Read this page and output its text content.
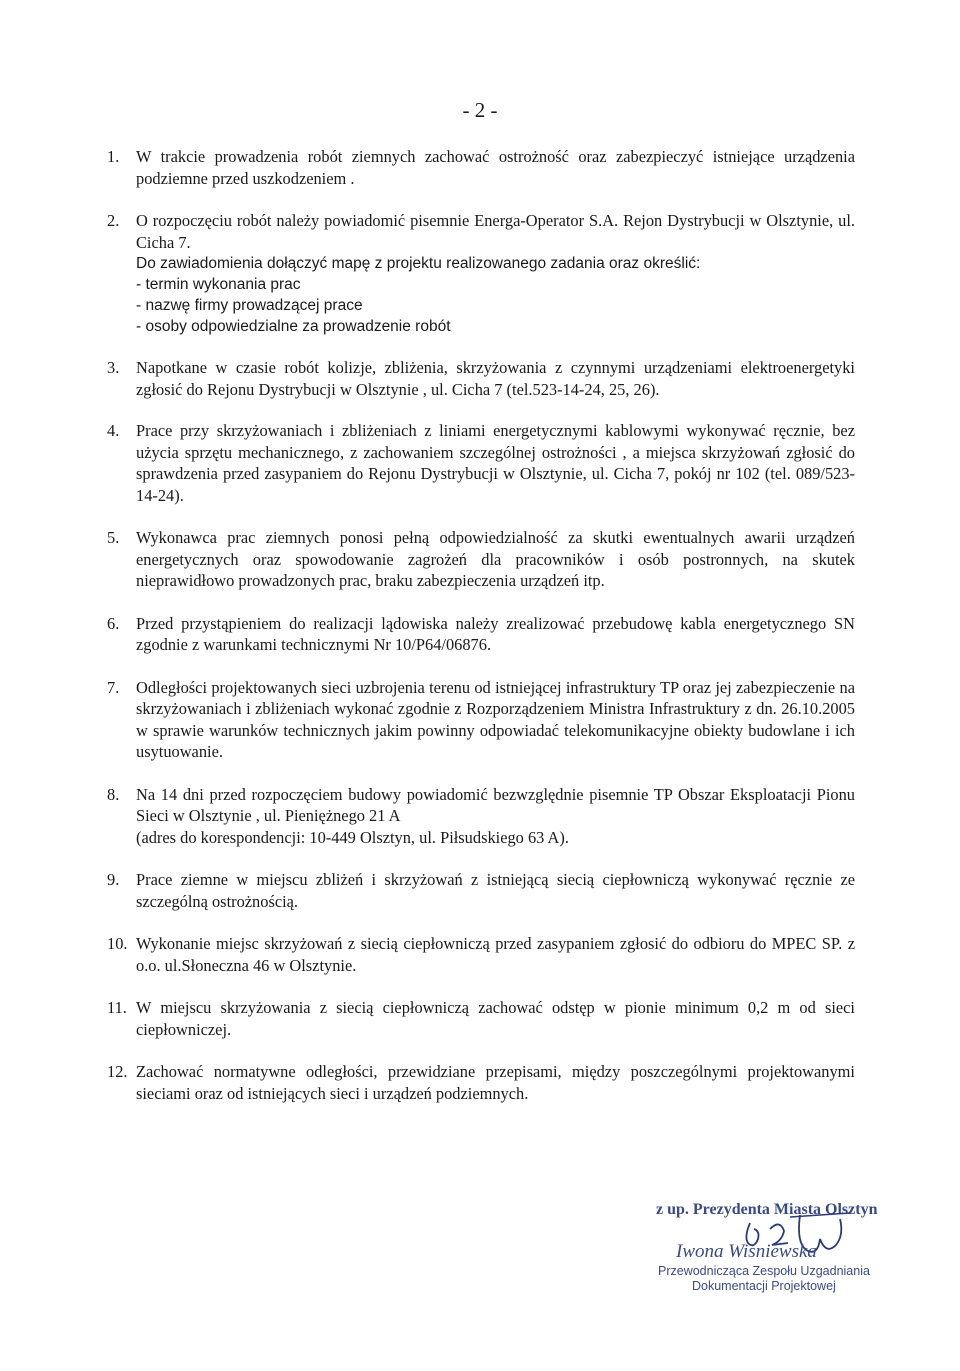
- 2 -
1. W trakcie prowadzenia robót ziemnych zachować ostrożność oraz zabezpieczyć istniejące urządzenia podziemne przed uszkodzeniem .

2. O rozpoczęciu robót należy powiadomić pisemnie Energa-Operator S.A. Rejon Dystrybucji w Olsztynie, ul. Cicha 7.

Do zawiadomienia dołączyć mapę z projektu realizowanego zadania oraz określić:

- termin wykonania prac

- nazwę firmy prowadzącej prace

- osoby odpowiedzialne za prowadzenie robót

3. Napotkane w czasie robót kolizje, zbliżenia, skrzyżowania z czynnymi urządzeniami elektroenergetyki zgłosić do Rejonu Dystrybucji w Olsztynie , ul. Cicha 7 (tel.523-14-24, 25, 26).

4. Prace przy skrzyżowaniach i zbliżeniach z liniami energetycznymi kablowymi wykonywać ręcznie, bez użycia sprzętu mechanicznego, z zachowaniem szczególnej ostrożności , a miejsca skrzyżowań zgłosić do sprawdzenia przed zasypaniem do Rejonu Dystrybucji w Olsztynie, ul. Cicha 7, pokój nr 102 (tel. 089/523-14-24).

5. Wykonawca prac ziemnych ponosi pełną odpowiedzialność za skutki ewentualnych awarii urządzeń energetycznych oraz spowodowanie zagrożeń dla pracowników i osób postronnych, na skutek nieprawidłowo prowadzonych prac, braku zabezpieczenia urządzeń itp.

6. Przed przystąpieniem do realizacji lądowiska należy zrealizować przebudowę kabla energetycznego SN zgodnie z warunkami technicznymi Nr 10/P64/06876.

7. Odległości projektowanych sieci uzbrojenia terenu od istniejącej infrastruktury TP oraz jej zabezpieczenie na skrzyżowaniach i zbliżeniach wykonać zgodnie z Rozporządzeniem Ministra Infrastruktury z dn. 26.10.2005 w sprawie warunków technicznych jakim powinny odpowiadać telekomunikacyjne obiekty budowlane i ich usytuowanie.

8. Na 14 dni przed rozpoczęciem budowy powiadomić bezwzględnie pisemnie TP Obszar Eksploatacji Pionu Sieci w Olsztynie , ul. Pieniężnego 21 A

(adres do korespondencji: 10-449 Olsztyn, ul. Piłsudskiego 63 A).

9. Prace ziemne w miejscu zbliżeń i skrzyżowań z istniejącą siecią ciepłowniczą wykonywać ręcznie ze szczególną ostrożnością.

10. Wykonanie miejsc skrzyżowań z siecią ciepłowniczą przed zasypaniem zgłosić do odbioru do MPEC SP. z o.o. ul.Słoneczna 46 w Olsztynie.

11. W miejscu skrzyżowania z siecią ciepłowniczą zachować odstęp w pionie minimum 0,2 m od sieci ciepłowniczej.

12. Zachować normatywne odległości, przewidziane przepisami, między poszczególnymi projektowanymi sieciami oraz od istniejących sieci i urządzeń podziemnych.

z up. Prezydenta Miasta Olsztyn
Iwona Wiśniewska
Przewodnicząca Zespołu Uzgadniania
Dokumentacji Projektowej
